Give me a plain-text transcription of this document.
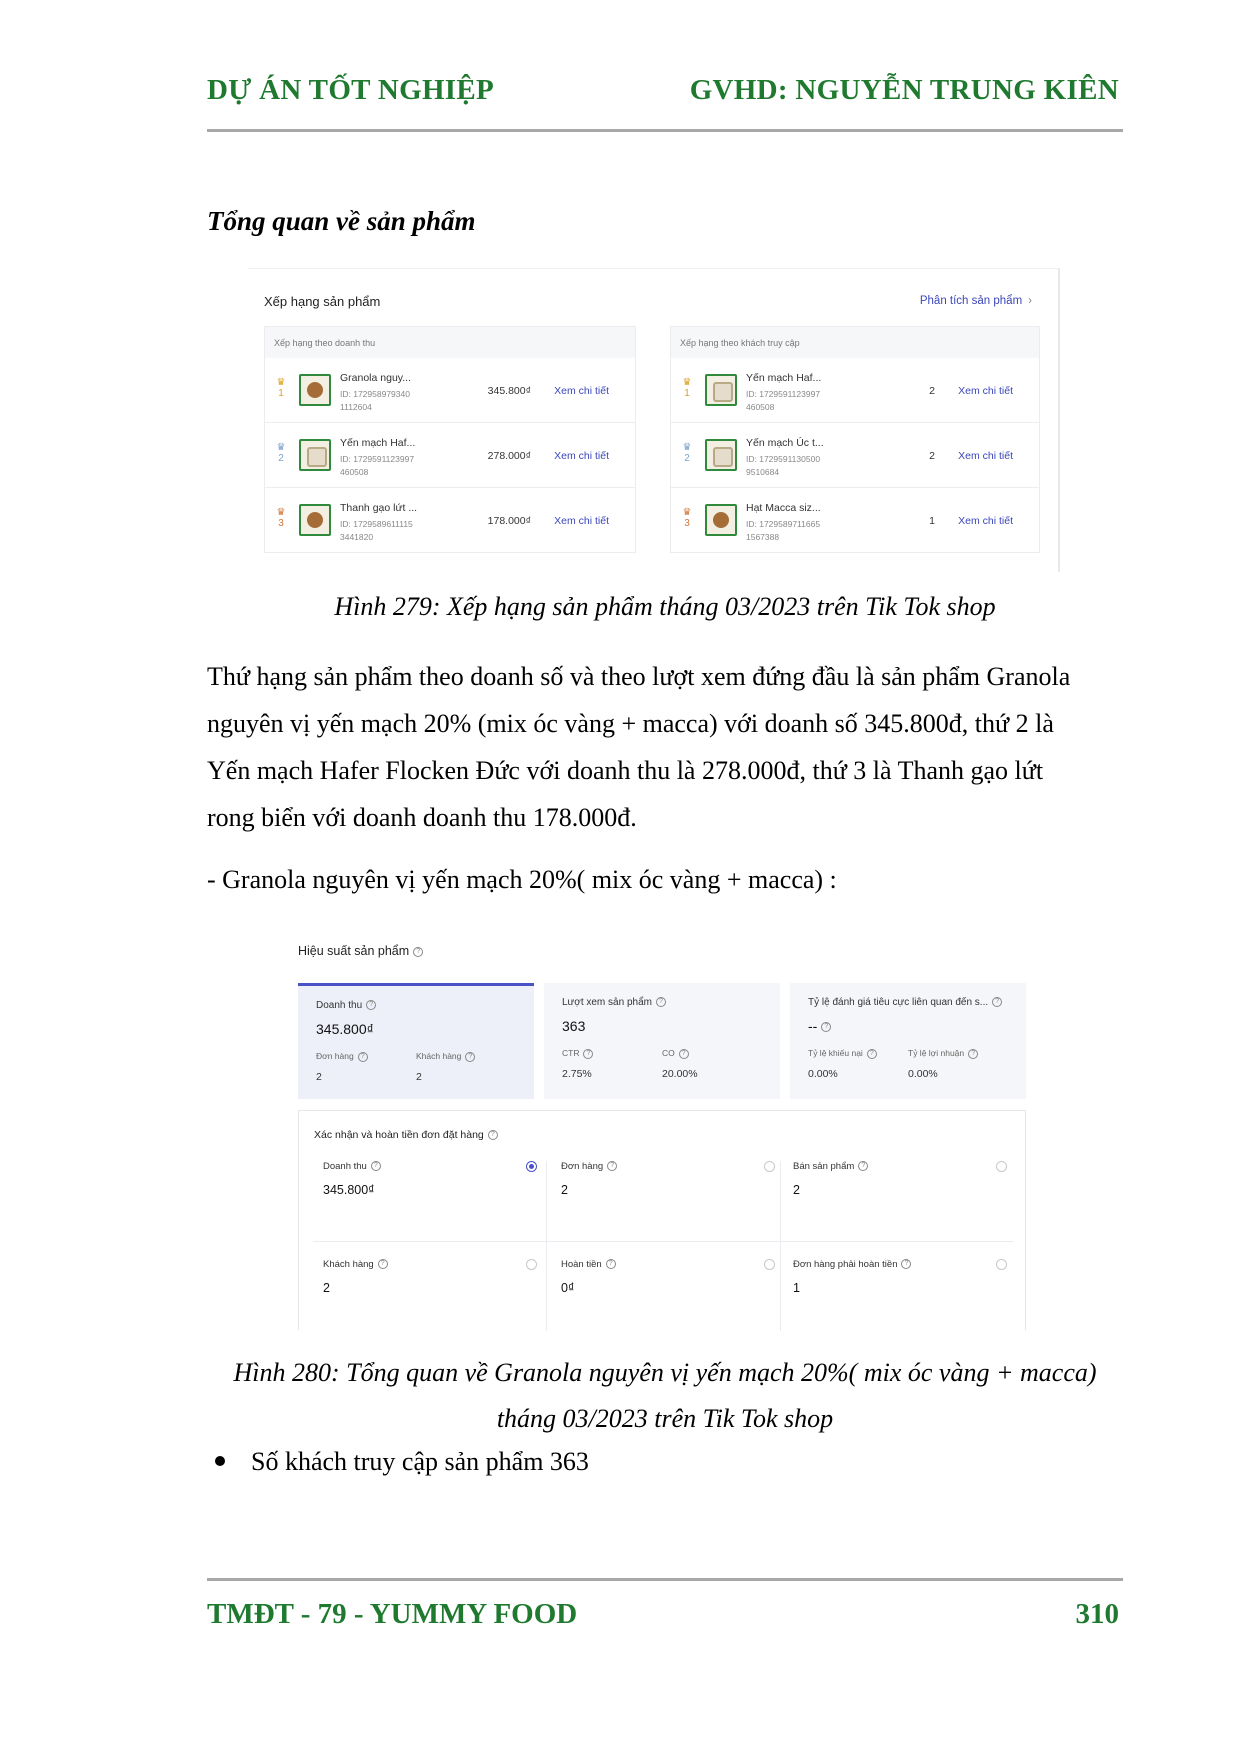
DỰ ÁN TỐT NGHIỆP	GVHD: NGUYỄN TRUNG KIÊN
Tổng quan về sản phẩm
Xếp hạng sản phẩm	Phân tích sản phẩm ›
Xếp hạng theo doanh thu
♛
1
Granola nguy...
ID: 172958979340
1112604
345.800₫ Xem chi tiết
♛
2
Yến mạch Haf...
ID: 1729591123997
460508
278.000₫ Xem chi tiết
♛
3
Thanh gạo lứt ...
ID: 1729589611115
3441820
178.000₫ Xem chi tiết
Xếp hạng theo khách truy cập
♛
1
Yến mạch Haf...
ID: 1729591123997
460508
2 Xem chi tiết
♛
2
Yến mạch Úc t...
ID: 1729591130500
9510684
2 Xem chi tiết
♛
3
Hạt Macca siz...
ID: 1729589711665
1567388
1 Xem chi tiết
Hình 279: Xếp hạng sản phẩm tháng 03/2023 trên Tik Tok shop
Thứ hạng sản phẩm theo doanh số và theo lượt xem đứng đầu là sản phẩm Granola
nguyên vị yến mạch 20% (mix óc vàng + macca) với doanh số 345.800đ, thứ 2 là
Yến mạch Hafer Flocken Đức với doanh thu là 278.000đ, thứ 3 là Thanh gạo lứt
rong biển với doanh doanh thu 178.000đ.
- Granola nguyên vị yến mạch 20%( mix óc vàng + macca) :
Hiệu suất sản phẩm ?
Doanh thu ?
345.800₫
Đơn hàng ?
2
Khách hàng ?
2
Lượt xem sản phẩm ?
363
CTR ?
2.75%
CO ?
20.00%
Tỷ lệ đánh giá tiêu cực liên quan đến s... ?
-- ?
Tỷ lệ khiếu nại ?
0.00%
Tỷ lệ lợi nhuận ?
0.00%
Xác nhận và hoàn tiền đơn đặt hàng ?
Doanh thu ?
345.800₫
Đơn hàng ?
2
Bán sản phẩm ?
2
Khách hàng ?
2
Hoàn tiền ?
0₫
Đơn hàng phải hoàn tiền ?
1
Hình 280: Tổng quan về Granola nguyên vị yến mạch 20%( mix óc vàng + macca)
tháng 03/2023 trên Tik Tok shop
Số khách truy cập sản phẩm 363
TMĐT - 79 - YUMMY FOOD	310
